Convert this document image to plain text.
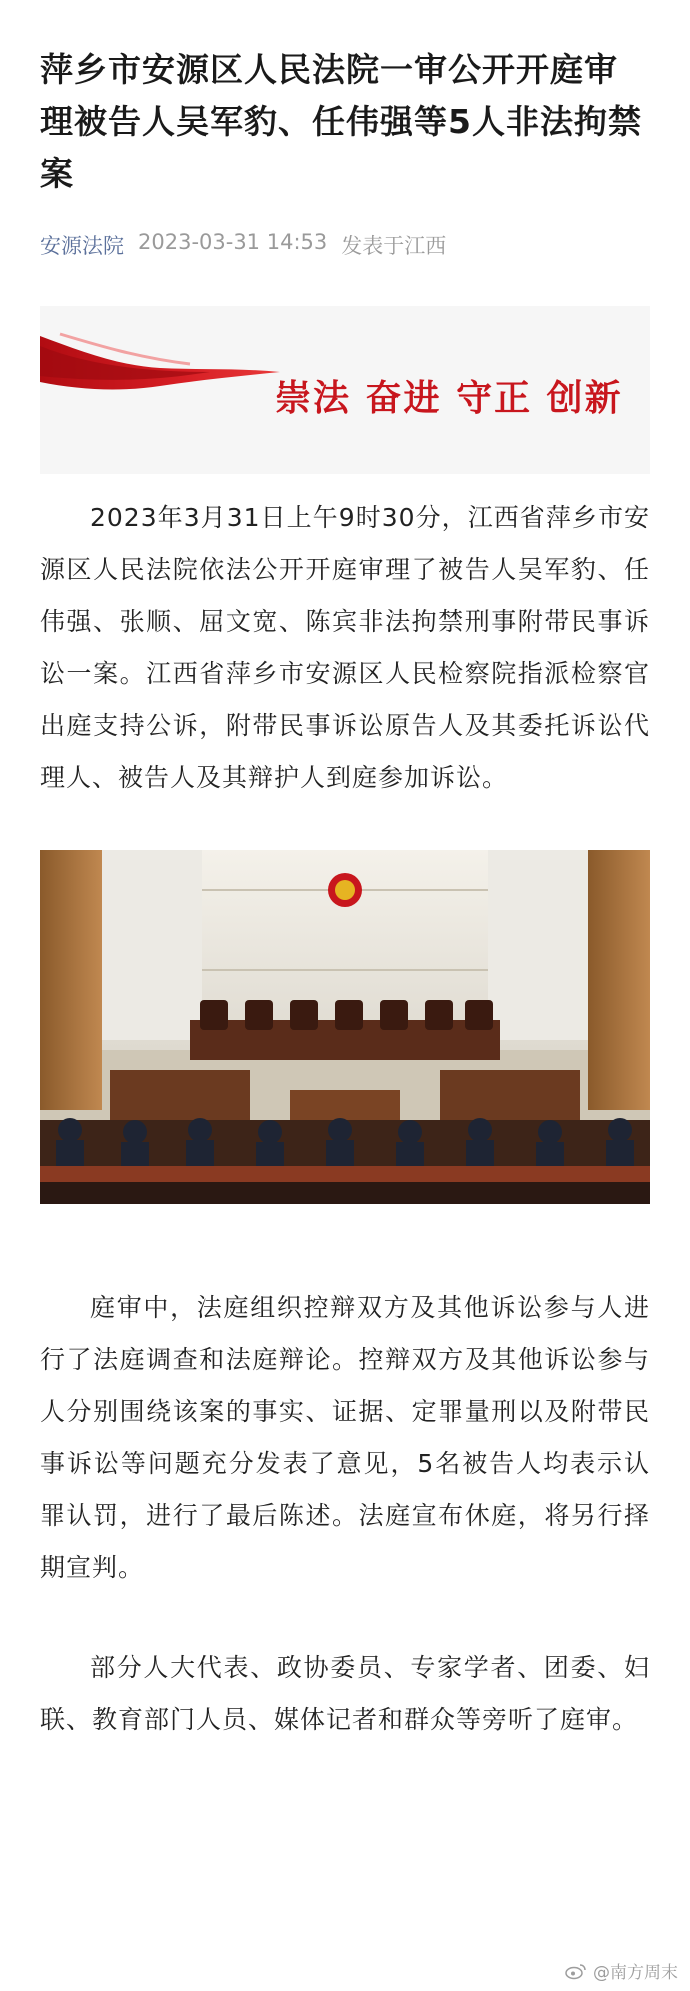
萍乡市安源区人民法院一审公开开庭审理被告人吴军豹、任伟强等5人非法拘禁案
安源法院 2023-03-31 14:53 发表于江西
崇法 奋进 守正 创新

2023年3月31日上午9时30分，江西省萍乡市安源区人民法院依法公开开庭审理了被告人吴军豹、任伟强、张顺、屈文宽、陈宾非法拘禁刑事附带民事诉讼一案。江西省萍乡市安源区人民检察院指派检察官出庭支持公诉，附带民事诉讼原告人及其委托诉讼代理人、被告人及其辩护人到庭参加诉讼。

庭审中，法庭组织控辩双方及其他诉讼参与人进行了法庭调查和法庭辩论。控辩双方及其他诉讼参与人分别围绕该案的事实、证据、定罪量刑以及附带民事诉讼等问题充分发表了意见，5名被告人均表示认罪认罚，进行了最后陈述。法庭宣布休庭，将另行择期宣判。

部分人大代表、政协委员、专家学者、团委、妇联、教育部门人员、媒体记者和群众等旁听了庭审。

@南方周末
